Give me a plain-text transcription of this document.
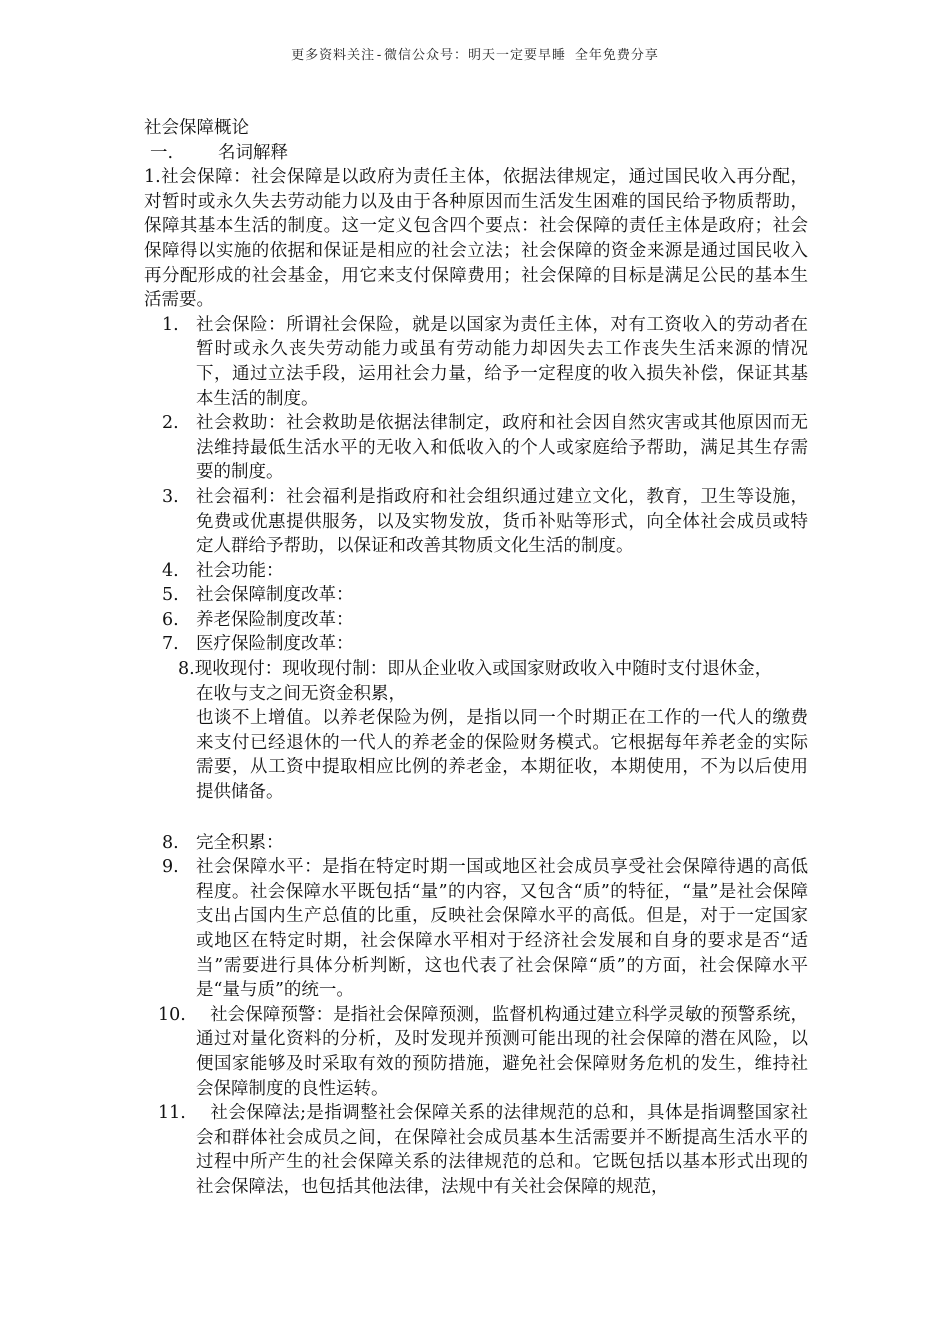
更多资料关注-微信公众号：明天一定要早睡 全年免费分享

社会保障概论

一.	名词解释

1.社会保障：社会保障是以政府为责任主体，依据法律规定，通过国民收入再分配，对暂时或永久失去劳动能力以及由于各种原因而生活发生困难的国民给予物质帮助，保障其基本生活的制度。这一定义包含四个要点：社会保障的责任主体是政府；社会保障得以实施的依据和保证是相应的社会立法；社会保障的资金来源是通过国民收入再分配形成的社会基金，用它来支付保障费用；社会保障的目标是满足公民的基本生活需要。

1. 社会保险：所谓社会保险，就是以国家为责任主体，对有工资收入的劳动者在暂时或永久丧失劳动能力或虽有劳动能力却因失去工作丧失生活来源的情况下，通过立法手段，运用社会力量，给予一定程度的收入损失补偿，保证其基本生活的制度。
2. 社会救助：社会救助是依据法律制定，政府和社会因自然灾害或其他原因而无法维持最低生活水平的无收入和低收入的个人或家庭给予帮助，满足其生存需要的制度。
3. 社会福利：社会福利是指政府和社会组织通过建立文化，教育，卫生等设施，免费或优惠提供服务，以及实物发放，货币补贴等形式，向全体社会成员或特定人群给予帮助，以保证和改善其物质文化生活的制度。
4. 社会功能：
5. 社会保障制度改革：
6. 养老保险制度改革：
7. 医疗保险制度改革：
8.现收现付：现收现付制：即从企业收入或国家财政收入中随时支付退休金，
在收与支之间无资金积累，
也谈不上增值。以养老保险为例，是指以同一个时期正在工作的一代人的缴费来支付已经退休的一代人的养老金的保险财务模式。它根据每年养老金的实际需要，从工资中提取相应比例的养老金，本期征收，本期使用，不为以后使用提供储备。
8. 完全积累：
9. 社会保障水平：是指在特定时期一国或地区社会成员享受社会保障待遇的高低程度。社会保障水平既包括“量”的内容，又包含“质”的特征，“量”是社会保障支出占国内生产总值的比重，反映社会保障水平的高低。但是，对于一定国家或地区在特定时期，社会保障水平相对于经济社会发展和自身的要求是否“适当”需要进行具体分析判断，这也代表了社会保障“质”的方面，社会保障水平是“量与质”的统一。
10. 社会保障预警：是指社会保障预测，监督机构通过建立科学灵敏的预警系统，通过对量化资料的分析，及时发现并预测可能出现的社会保障的潜在风险，以便国家能够及时采取有效的预防措施，避免社会保障财务危机的发生，维持社会保障制度的良性运转。
11. 社会保障法;是指调整社会保障关系的法律规范的总和，具体是指调整国家社会和群体社会成员之间，在保障社会成员基本生活需要并不断提高生活水平的过程中所产生的社会保障关系的法律规范的总和。它既包括以基本形式出现的社会保障法，也包括其他法律，法规中有关社会保障的规范，
